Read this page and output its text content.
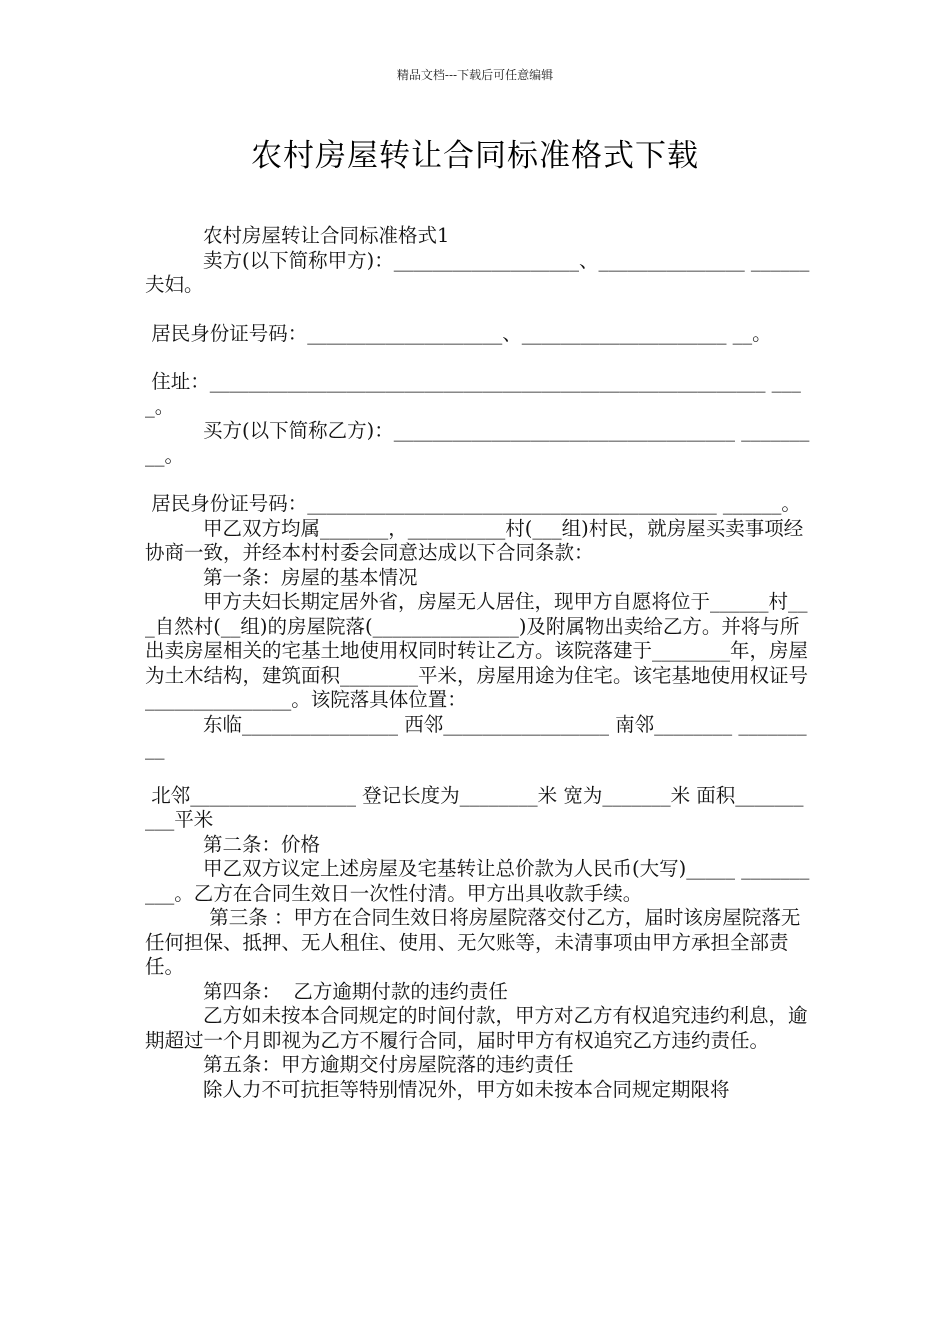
精品文档---下载后可任意编辑
农村房屋转让合同标准格式下载

农村房屋转让合同标准格式1

卖方(以下简称甲方)：___________________、_______________ ______夫妇。

居民身份证号码：____________________、_____________________ __。

住址：_________________________________________________________ ____。

买方(以下简称乙方)：___________________________________ _________。

居民身份证号码：__________________________________________ ______。

甲乙双方均属_______，__________村(___组)村民，就房屋买卖事项经协商一致，并经本村村委会同意达成以下合同条款：

第一条：房屋的基本情况

甲方夫妇长期定居外省，房屋无人居住，现甲方自愿将位于______村___自然村(__组)的房屋院落(_______________)及附属物出卖给乙方。并将与所出卖房屋相关的宅基土地使用权同时转让乙方。该院落建于________年，房屋为土木结构，建筑面积________平米，房屋用途为住宅。该宅基地使用权证号_______________。该院落具体位置：

东临________________ 西邻_________________ 南邻________ _________

北邻_________________ 登记长度为________米 宽为_______米 面积__________平米

第二条：价格

甲乙双方议定上述房屋及宅基转让总价款为人民币(大写)_____ __________。乙方在合同生效日一次性付清。甲方出具收款手续。

第三条 ：甲方在合同生效日将房屋院落交付乙方，届时该房屋院落无任何担保、抵押、无人租住、使用、无欠账等，未清事项由甲方承担全部责任。

第四条：  乙方逾期付款的违约责任

乙方如未按本合同规定的时间付款，甲方对乙方有权追究违约利息，逾期超过一个月即视为乙方不履行合同，届时甲方有权追究乙方违约责任。

第五条：甲方逾期交付房屋院落的违约责任

除人力不可抗拒等特别情况外，甲方如未按本合同规定期限将
